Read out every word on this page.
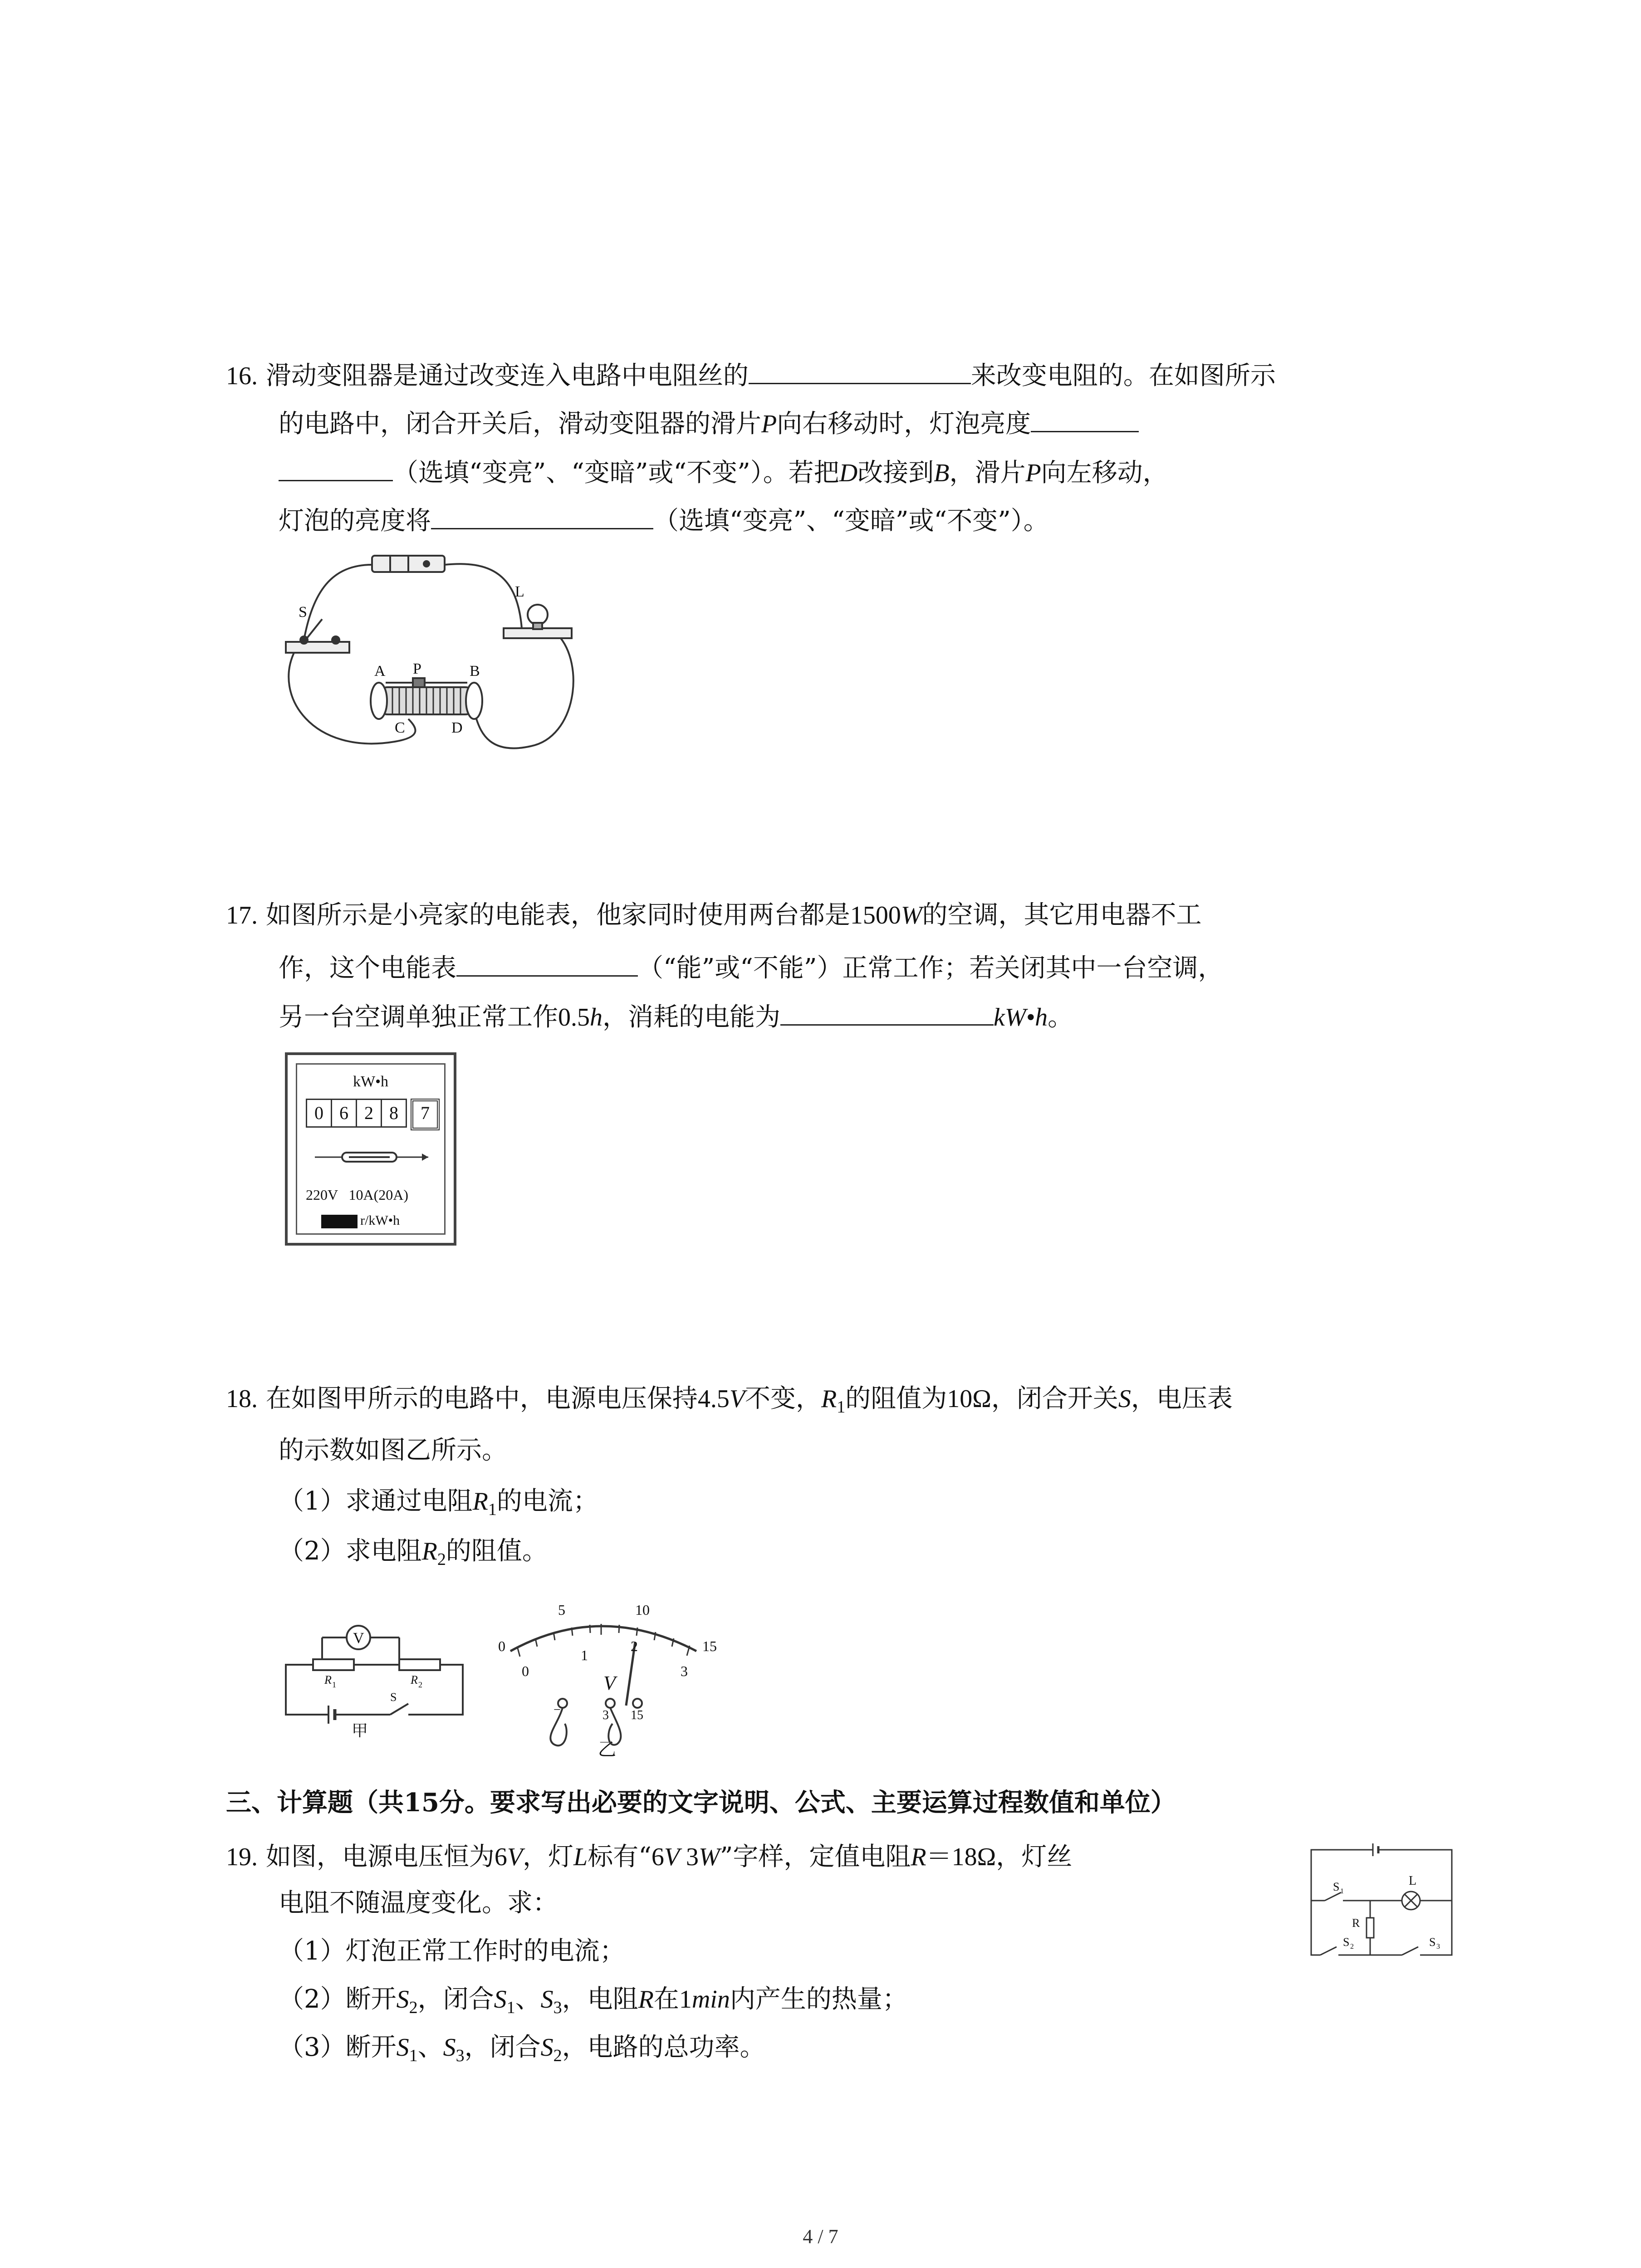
16. 滑动变阻器是通过改变连入电路中电阻丝的	来改变电阻的。在如图所示
的电路中，闭合开关后，滑动变阻器的滑片P向右移动时，灯泡亮度
（选填“变亮”、“变暗”或“不变”）。若把D改接到B，滑片P向左移动，
灯泡的亮度将	（选填“变亮”、“变暗”或“不变”）。
S
L
A P	B
C	D
17. 如图所示是小亮家的电能表，他家同时使用两台都是1500W的空调，其它用电器不工
作，这个电能表	（“能”或“不能”）正常工作；若关闭其中一台空调，
另一台空调单独正常工作0.5h，消耗的电能为	kW•h。
kW•h
0 6 2 8	7
220V   10A(20A)
r/kW•h
18. 在如图甲所示的电路中，电源电压保持4.5V不变，$R_1$的阻值为10Ω，闭合开关S，电压表
的示数如图乙所示。
（1）求通过电阻$R_1$的电流；
（2）求电阻$R_2$的阻值。
V
R 1	R 2
S
甲
0
5	10
15
0
1
2
3
V
−	3 15
乙
三、计算题（共15分。要求写出必要的文字说明、公式、主要运算过程数值和单位）
19. 如图，电源电压恒为6V，灯L标有“6V 3W”字样，定值电阻R＝18Ω，灯丝
电阻不随温度变化。求：
（1）灯泡正常工作时的电流；
（2）断开$S_2$，闭合$S_1$、$S_3$，电阻R在1min内产生的热量；
（3）断开$S_1$、$S_3$，闭合$S_2$，电路的总功率。
S 1
L
R
S 2	S 3
4 / 7
